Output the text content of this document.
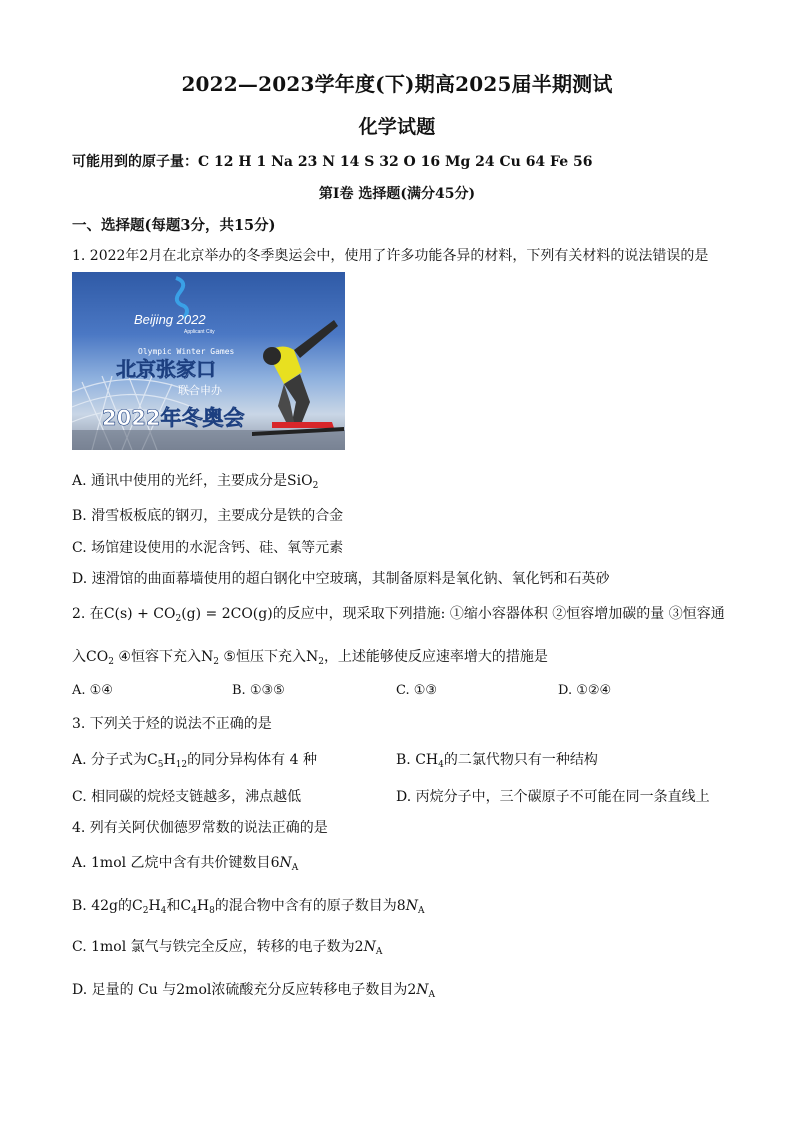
2022—2023学年度(下)期高2025届半期测试
化学试题
可能用到的原子量：C 12 H 1 Na 23 N 14 S 32 O 16 Mg 24 Cu 64 Fe 56
第Ⅰ卷 选择题(满分45分)
一、选择题(每题3分，共15分)
1. 2022年2月在北京举办的冬季奥运会中，使用了许多功能各异的材料，下列有关材料的说法错误的是
Beijing 2022
Applicant City
Olympic Winter Games
北京张家口
联合申办
2022年冬奥会
A. 通讯中使用的光纤，主要成分是SiO$_2$
B. 滑雪板板底的钢刃，主要成分是铁的合金
C. 场馆建设使用的水泥含钙、硅、氧等元素
D. 速滑馆的曲面幕墙使用的超白钢化中空玻璃，其制备原料是氧化钠、氧化钙和石英砂
2. 在$C(s) + CO_2(g) = 2CO(g)$的反应中，现采取下列措施: ①缩小容器体积 ②恒容增加碳的量 ③恒容通
入$CO_2$ ④恒容下充入$N_2$ ⑤恒压下充入$N_2$，上述能够使反应速率增大的措施是
A. ①④	B. ①③⑤	C. ①③	D. ①②④
3. 下列关于烃的说法不正确的是
A. 分子式为$C_5H_{12}$的同分异构体有 4 种	B. $CH_4$的二氯代物只有一种结构
C. 相同碳的烷烃支链越多，沸点越低	D. 丙烷分子中，三个碳原子不可能在同一条直线上
4. 列有关阿伏伽德罗常数的说法正确的是
A. 1mol 乙烷中含有共价键数目$6N_A$
B. 42g的$C_2H_4$和$C_4H_8$的混合物中含有的原子数目为$8N_A$
C. 1mol 氯气与铁完全反应，转移的电子数为$2N_A$
D. 足量的 Cu 与2mol浓硫酸充分反应转移电子数目为$2N_A$
